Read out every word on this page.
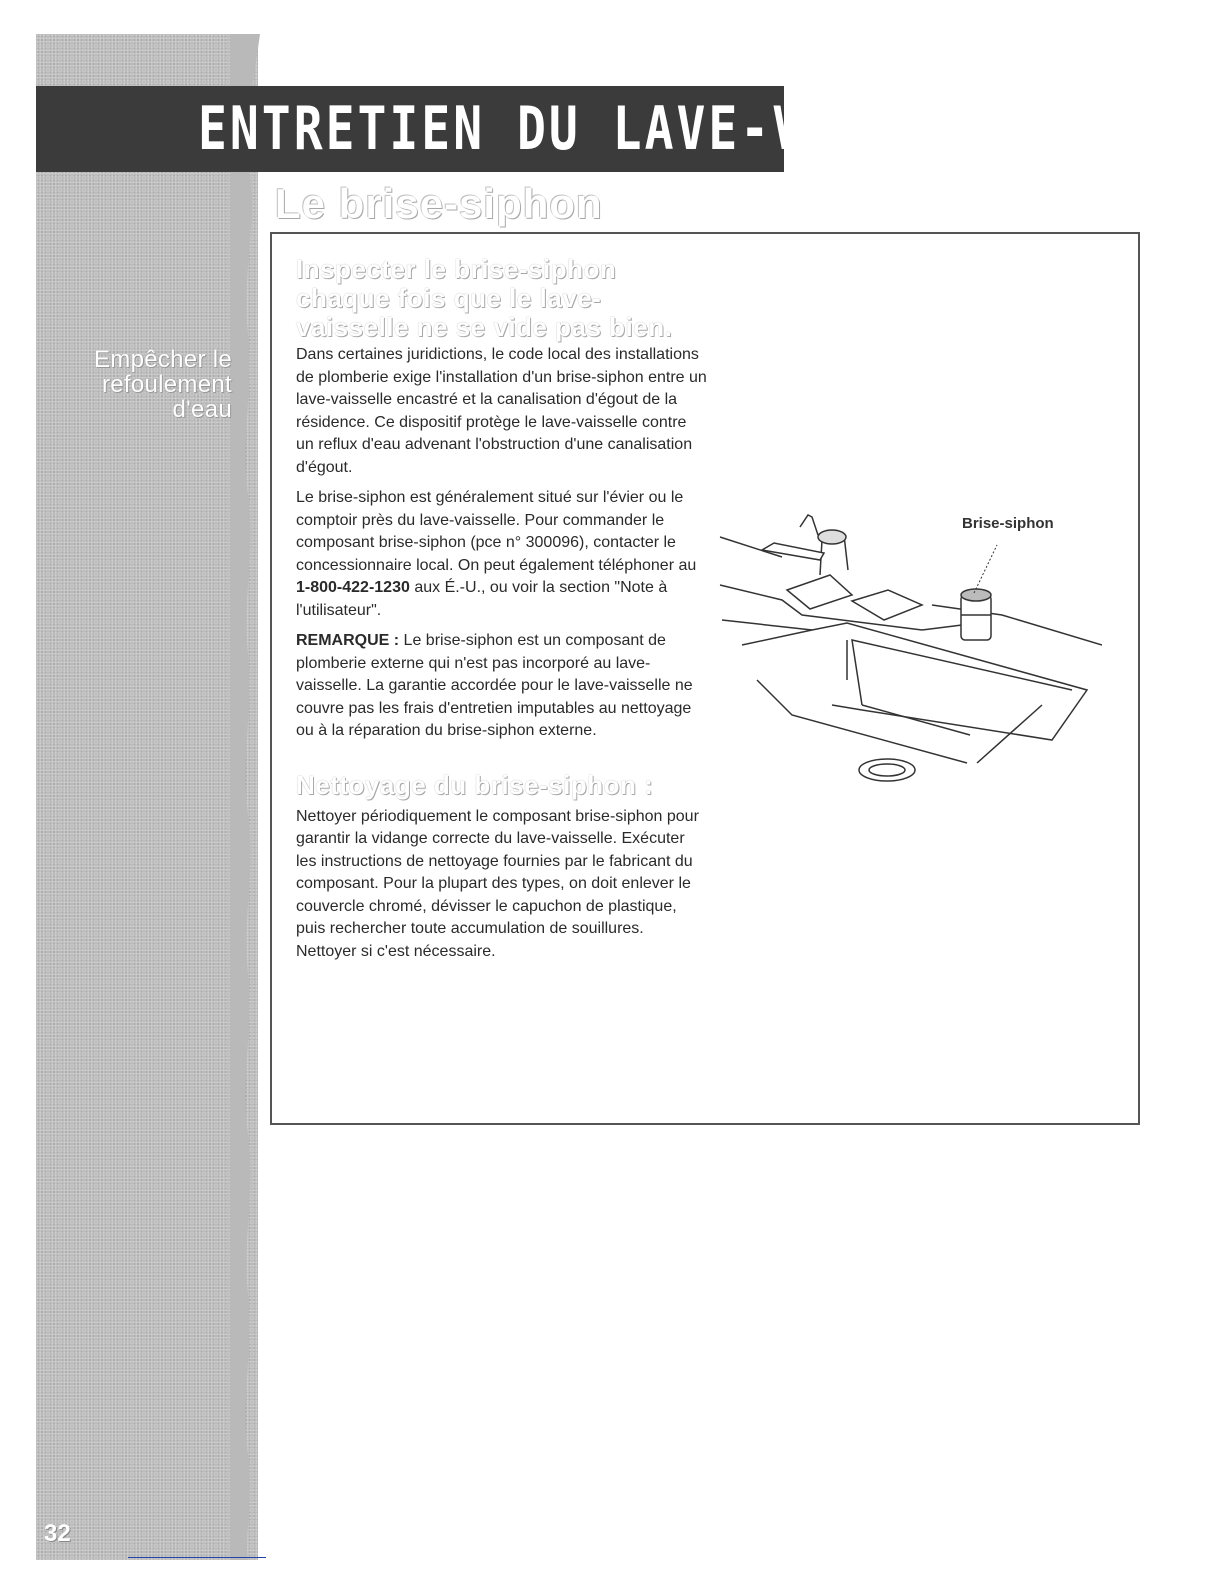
Empêcher le refoulement d'eau
32
ENTRETIEN DU LAVE-VAISSELLE
Le brise-siphon

Inspecter le brise-siphon chaque fois que le lave-vaisselle ne se vide pas bien.

Dans certaines juridictions, le code local des installations de plomberie exige l'installation d'un brise-siphon entre un lave-vaisselle encastré et la canalisation d'égout de la résidence. Ce dispositif protège le lave-vaisselle contre un reflux d'eau advenant l'obstruction d'une canalisation d'égout.

Le brise-siphon est généralement situé sur l'évier ou le comptoir près du lave-vaisselle. Pour commander le composant brise-siphon (pce n° 300096), contacter le concessionnaire local. On peut également téléphoner au 1-800-422-1230 aux É.-U., ou voir la section "Note à l'utilisateur".

REMARQUE : Le brise-siphon est un composant de plomberie externe qui n'est pas incorporé au lave-vaisselle. La garantie accordée pour le lave-vaisselle ne couvre pas les frais d'entretien imputables au nettoyage ou à la réparation du brise-siphon externe.

Nettoyage du brise-siphon :

Nettoyer périodiquement le composant brise-siphon pour garantir la vidange correcte du lave-vaisselle. Exécuter les instructions de nettoyage fournies par le fabricant du composant. Pour la plupart des types, on doit enlever le couvercle chromé, dévisser le capuchon de plastique, puis rechercher toute accumulation de souillures. Nettoyer si c'est nécessaire.

Brise-siphon
